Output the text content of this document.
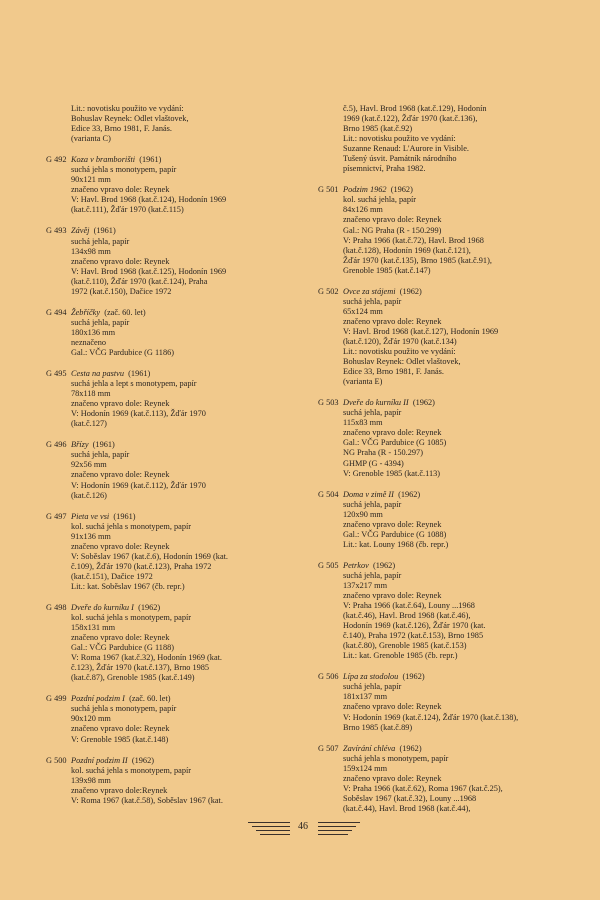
Lit.: novotisku použito ve vydání:
Bohuslav Reynek: Odlet vlaštovek,
Edice 33, Brno 1981, F. Janás.
(varianta C)
G 492 Koza v bramborišti (1961)
suchá jehla s monotypem, papír
90x121 mm
značeno vpravo dole: Reynek
V: Havl. Brod 1968 (kat.č.124), Hodonín 1969
(kat.č.111), Žďár 1970 (kat.č.115)
G 493 Závěj (1961)
suchá jehla, papír
134x98 mm
značeno vpravo dole: Reynek
V: Havl. Brod 1968 (kat.č.125), Hodonín 1969
(kat.č.110), Žďár 1970 (kat.č.124), Praha
1972 (kat.č.150), Dačice 1972
G 494 Žebříčky (zač. 60. let)
suchá jehla, papír
180x136 mm
neznačeno
Gal.: VČG Pardubice (G 1186)
G 495 Cesta na pastvu (1961)
suchá jehla a lept s monotypem, papír
78x118 mm
značeno vpravo dole: Reynek
V: Hodonín 1969 (kat.č.113), Žďár 1970
(kat.č.127)
G 496 Břízy (1961)
suchá jehla, papír
92x56 mm
značeno vpravo dole: Reynek
V: Hodonín 1969 (kat.č.112), Žďár 1970
(kat.č.126)
G 497 Pieta ve vsi (1961)
kol. suchá jehla s monotypem, papír
91x136 mm
značeno vpravo dole: Reynek
V: Soběslav 1967 (kat.č.6), Hodonín 1969 (kat.
č.109), Žďár 1970 (kat.č.123), Praha 1972
(kat.č.151), Dačice 1972
Lit.: kat. Soběslav 1967 (čb. repr.)
G 498 Dveře do kurníku I (1962)
kol. suchá jehla s monotypem, papír
158x131 mm
značeno vpravo dole: Reynek
Gal.: VČG Pardubice (G 1188)
V: Roma 1967 (kat.č.32), Hodonín 1969 (kat.
č.123), Žďár 1970 (kat.č.137), Brno 1985
(kat.č.87), Grenoble 1985 (kat.č.149)
G 499 Pozdní podzim I (zač. 60. let)
suchá jehla s monotypem, papír
90x120 mm
značeno vpravo dole: Reynek
V: Grenoble 1985 (kat.č.148)
G 500 Pozdní podzim II (1962)
kol. suchá jehla s monotypem, papír
139x98 mm
značeno vpravo dole:Reynek
V: Roma 1967 (kat.č.58), Soběslav 1967 (kat.
č.5), Havl. Brod 1968 (kat.č.129), Hodonín
1969 (kat.č.122), Žďár 1970 (kat.č.136),
Brno 1985 (kat.č.92)
Lit.: novotisku použito ve vydání:
Suzanne Renaud: L'Aurore in Visible.
Tušený úsvit. Památník národního
písemnictví, Praha 1982.
G 501 Podzim 1962 (1962)
kol. suchá jehla, papír
84x126 mm
značeno vpravo dole: Reynek
Gal.: NG Praha (R - 150.299)
V: Praha 1966 (kat.č.72), Havl. Brod 1968
(kat.č.128), Hodonín 1969 (kat.č.121),
Žďár 1970 (kat.č.135), Brno 1985 (kat.č.91),
Grenoble 1985 (kat.č.147)
G 502 Ovce za stájemi (1962)
suchá jehla, papír
65x124 mm
značeno vpravo dole: Reynek
V: Havl. Brod 1968 (kat.č.127), Hodonín 1969
(kat.č.120), Žďár 1970 (kat.č.134)
Lit.: novotisku použito ve vydání:
Bohuslav Reynek: Odlet vlaštovek,
Edice 33, Brno 1981, F. Janás.
(varianta E)
G 503 Dveře do kurníku II (1962)
suchá jehla, papír
115x83 mm
značeno vpravo dole: Reynek
Gal.: VČG Pardubice (G 1085)
NG Praha (R - 150.297)
GHMP (G - 4394)
V: Grenoble 1985 (kat.č.113)
G 504 Doma v zimě II (1962)
suchá jehla, papír
120x90 mm
značeno vpravo dole: Reynek
Gal.: VČG Pardubice (G 1088)
Lit.: kat. Louny 1968 (čb. repr.)
G 505 Petrkov (1962)
suchá jehla, papír
137x217 mm
značeno vpravo dole: Reynek
V: Praha 1966 (kat.č.64), Louny ...1968
(kat.č.46), Havl. Brod 1968 (kat.č.46),
Hodonín 1969 (kat.č.126), Žďár 1970 (kat.
č.140), Praha 1972 (kat.č.153), Brno 1985
(kat.č.80), Grenoble 1985 (kat.č.153)
Lit.: kat. Grenoble 1985 (čb. repr.)
G 506 Lípa za stodolou (1962)
suchá jehla, papír
181x137 mm
značeno vpravo dole: Reynek
V: Hodonín 1969 (kat.č.124), Žďár 1970 (kat.č.138),
Brno 1985 (kat.č.89)
G 507 Zavírání chléva (1962)
suchá jehla s monotypem, papír
159x124 mm
značeno vpravo dole: Reynek
V: Praha 1966 (kat.č.62), Roma 1967 (kat.č.25),
Soběslav 1967 (kat.č.32), Louny ...1968
(kat.č.44), Havl. Brod 1968 (kat.č.44),
46
